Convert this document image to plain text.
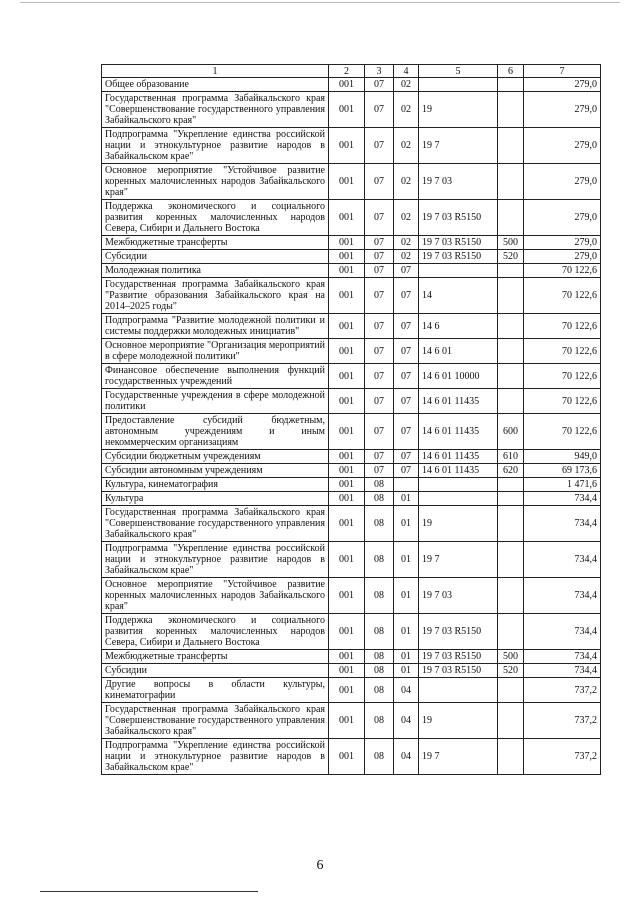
1	2	3	4	5	6	7
Общее образование	001	07	02			279,0
Государственная программа Забайкальского края "Совершенствование государственного управления Забайкальского края"	001	07	02	19		279,0
Подпрограмма "Укрепление единства российской нации и этнокультурное развитие народов в Забайкальском крае"	001	07	02	19 7		279,0
Основное мероприятие "Устойчивое развитие коренных малочисленных народов Забайкальского края"	001	07	02	19 7 03		279,0
Поддержка экономического и социального развития коренных малочисленных народов Севера, Сибири и Дальнего Востока	001	07	02	19 7 03 R5150		279,0
Межбюджетные трансферты	001	07	02	19 7 03 R5150	500	279,0
Субсидии	001	07	02	19 7 03 R5150	520	279,0
Молодежная политика	001	07	07			70 122,6
Государственная программа Забайкальского края "Развитие образования Забайкальского края на 2014–2025 годы"	001	07	07	14		70 122,6
Подпрограмма "Развитие молодежной политики и системы поддержки молодежных инициатив"	001	07	07	14 6		70 122,6
Основное мероприятие "Организация мероприятий в сфере молодежной политики"	001	07	07	14 6 01		70 122,6
Финансовое обеспечение выполнения функций государственных учреждений	001	07	07	14 6 01 10000		70 122,6
Государственные учреждения в сфере молодежной политики	001	07	07	14 6 01 11435		70 122,6
Предоставление субсидий бюджетным, автономным учреждениям и иным некоммерческим организациям	001	07	07	14 6 01 11435	600	70 122,6
Субсидии бюджетным учреждениям	001	07	07	14 6 01 11435	610	949,0
Субсидии автономным учреждениям	001	07	07	14 6 01 11435	620	69 173,6
Культура, кинематография	001	08				1 471,6
Культура	001	08	01			734,4
Государственная программа Забайкальского края "Совершенствование государственного управления Забайкальского края"	001	08	01	19		734,4
Подпрограмма "Укрепление единства российской нации и этнокультурное развитие народов в Забайкальском крае"	001	08	01	19 7		734,4
Основное мероприятие "Устойчивое развитие коренных малочисленных народов Забайкальского края"	001	08	01	19 7 03		734,4
Поддержка экономического и социального развития коренных малочисленных народов Севера, Сибири и Дальнего Востока	001	08	01	19 7 03 R5150		734,4
Межбюджетные трансферты	001	08	01	19 7 03 R5150	500	734,4
Субсидии	001	08	01	19 7 03 R5150	520	734,4
Другие вопросы в области культуры, кинематографии	001	08	04			737,2
Государственная программа Забайкальского края "Совершенствование государственного управления Забайкальского края"	001	08	04	19		737,2
Подпрограмма "Укрепление единства российской нации и этнокультурное развитие народов в Забайкальском крае"	001	08	04	19 7		737,2
6
